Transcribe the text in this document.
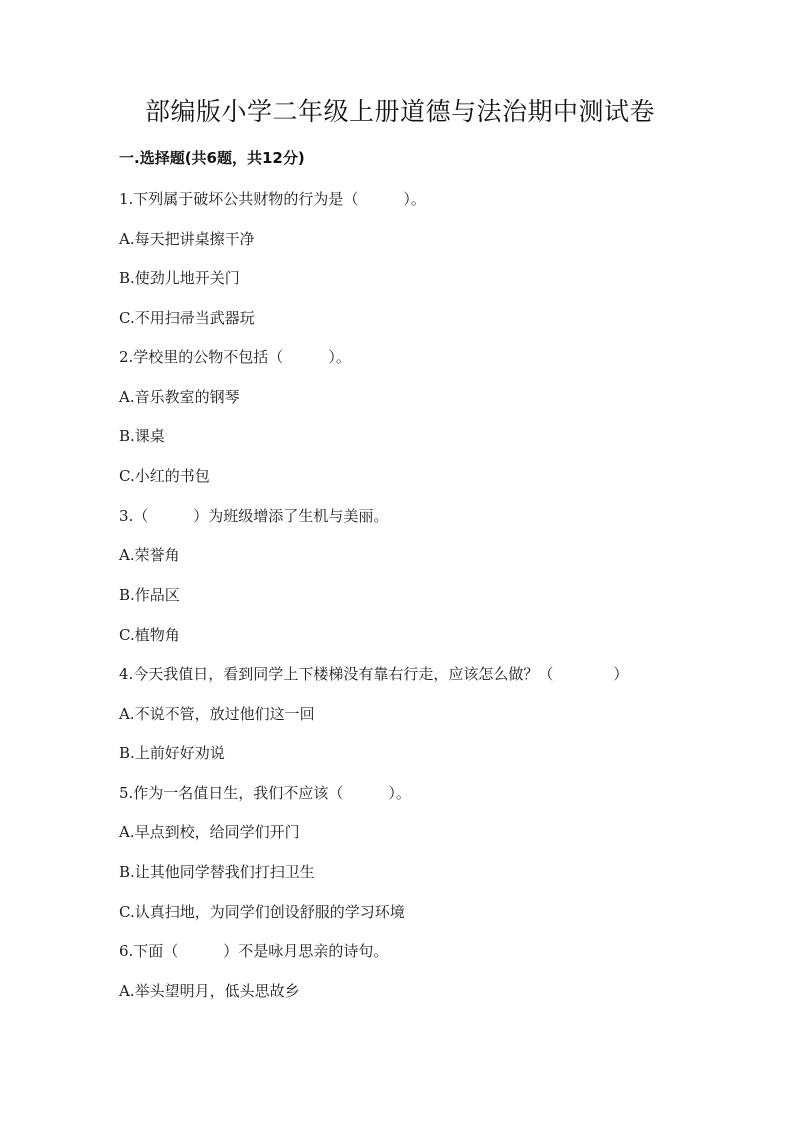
部编版小学二年级上册道德与法治期中测试卷
一.选择题(共6题，共12分)
1.下列属于破坏公共财物的行为是（　　　）。
A.每天把讲桌擦干净
B.使劲儿地开关门
C.不用扫帚当武器玩
2.学校里的公物不包括（　　　）。
A.音乐教室的钢琴
B.课桌
C.小红的书包
3.（　　　）为班级增添了生机与美丽。
A.荣誉角
B.作品区
C.植物角
4.今天我值日，看到同学上下楼梯没有靠右行走，应该怎么做？（　　　　）
A.不说不管，放过他们这一回
B.上前好好劝说
5.作为一名值日生，我们不应该（　　　）。
A.早点到校，给同学们开门
B.让其他同学替我们打扫卫生
C.认真扫地，为同学们创设舒服的学习环境
6.下面（　　　）不是咏月思亲的诗句。
A.举头望明月，低头思故乡
